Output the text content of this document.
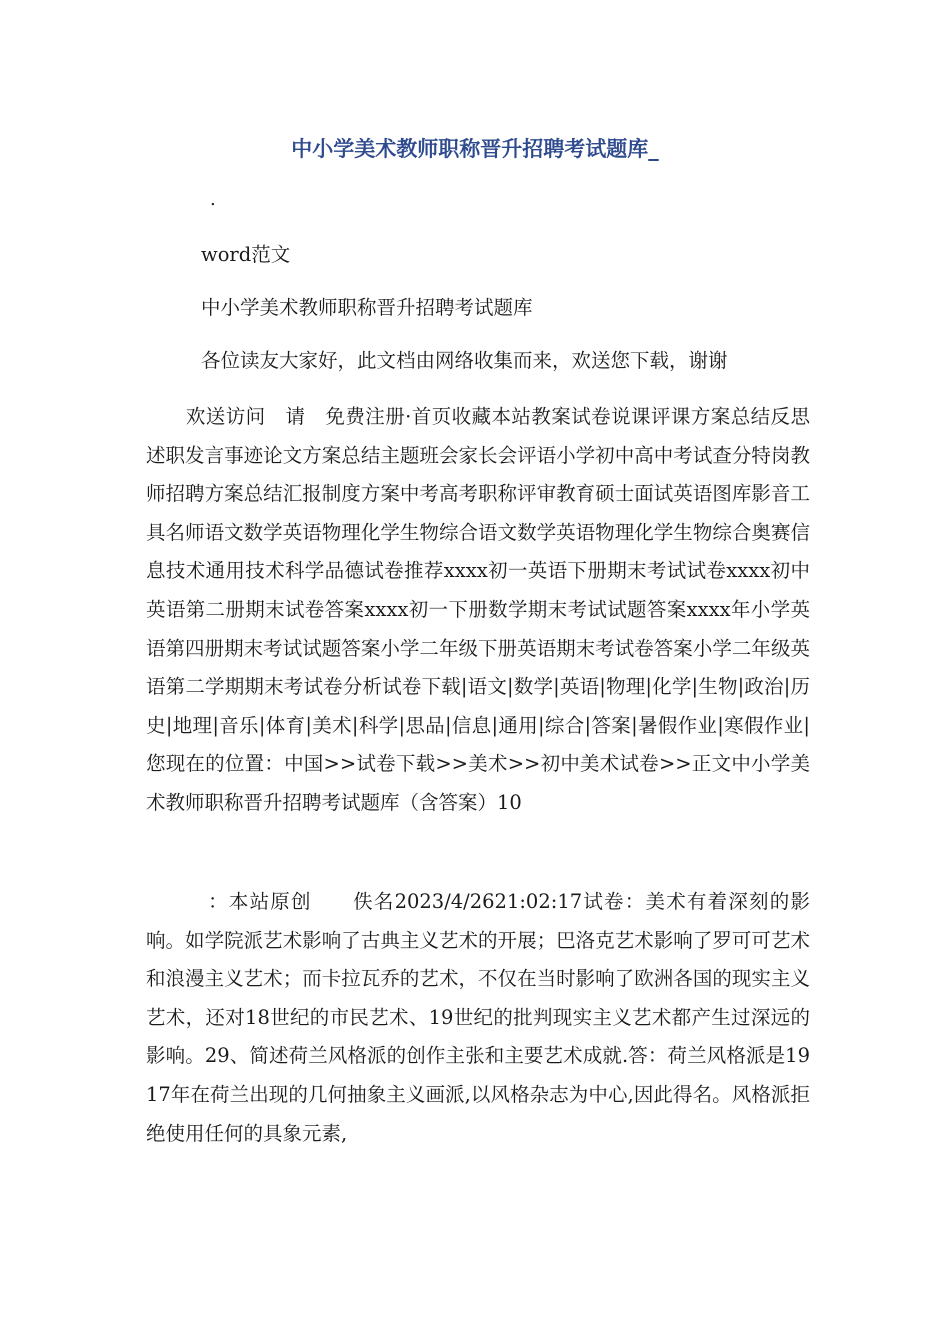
中小学美术教师职称晋升招聘考试题库_
.
word范文
中小学美术教师职称晋升招聘考试题库
各位读友大家好，此文档由网络收集而来，欢送您下载，谢谢
　　欢送访问　请　免费注册·首页收藏本站教案试卷说课评课方案总结反思述职发言事迹论文方案总结主题班会家长会评语小学初中高中考试查分特岗教师招聘方案总结汇报制度方案中考高考职称评审教育硕士面试英语图库影音工具名师语文数学英语物理化学生物综合语文数学英语物理化学生物综合奥赛信息技术通用技术科学品德试卷推荐xxxx初一英语下册期末考试试卷xxxx初中英语第二册期末试卷答案xxxx初一下册数学期末考试试题答案xxxx年小学英语第四册期末考试试题答案小学二年级下册英语期末考试卷答案小学二年级英语第二学期期末考试卷分析试卷下载|语文|数学|英语|物理|化学|生物|政治|历史|地理|音乐|体育|美术|科学|思品|信息|通用|综合|答案|暑假作业|寒假作业|您现在的位置：中国>>试卷下载>>美术>>初中美术试卷>>正文中小学美术教师职称晋升招聘考试题库（含答案）10
　　　：本站原创　　佚名2023/4/2621:02:17试卷：美术有着深刻的影响。如学院派艺术影响了古典主义艺术的开展；巴洛克艺术影响了罗可可艺术和浪漫主义艺术；而卡拉瓦乔的艺术，不仅在当时影响了欧洲各国的现实主义艺术，还对18世纪的市民艺术、19世纪的批判现实主义艺术都产生过深远的影响。29、简述荷兰风格派的创作主张和主要艺术成就.答：荷兰风格派是1917年在荷兰出现的几何抽象主义画派,以风格杂志为中心,因此得名。风格派拒绝使用任何的具象元素,
